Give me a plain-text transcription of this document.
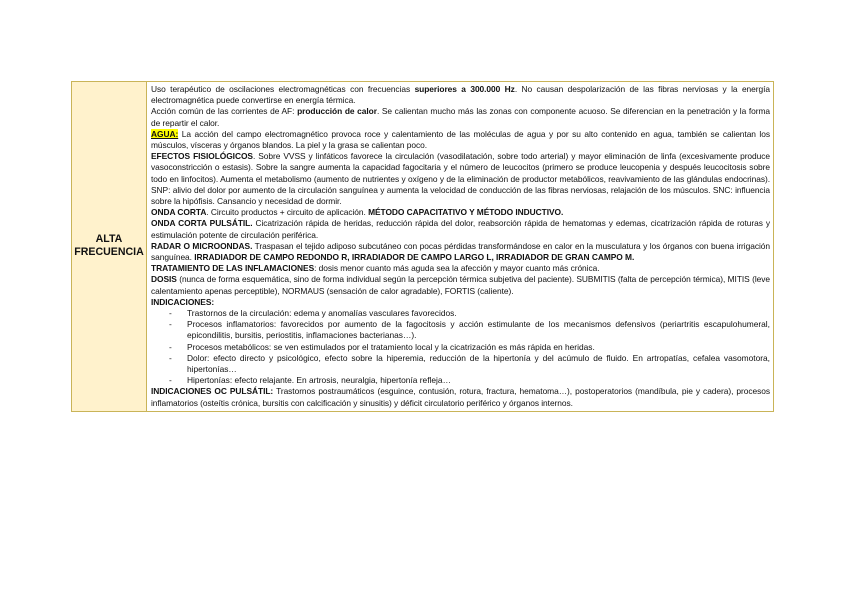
ALTA
FRECUENCIA

Uso terapéutico de oscilaciones electromagnéticas con frecuencias superiores a 300.000 Hz. No causan despolarización de las fibras nerviosas y la energía electromagnética puede convertirse en energía térmica.

Acción común de las corrientes de AF: producción de calor. Se calientan mucho más las zonas con componente acuoso. Se diferencian en la penetración y la forma de repartir el calor.

AGUA: La acción del campo electromagnético provoca roce y calentamiento de las moléculas de agua y por su alto contenido en agua, también se calientan los músculos, vísceras y órganos blandos. La piel y la grasa se calientan poco.

EFECTOS FISIOLÓGICOS. Sobre VVSS y linfáticos favorece la circulación (vasodilatación, sobre todo arterial) y mayor eliminación de linfa (excesivamente produce vasoconstricción o estasis). Sobre la sangre aumenta la capacidad fagocitaria y el número de leucocitos (primero se produce leucopenia y después leucocitosis sobre todo en linfocitos). Aumenta el metabolismo (aumento de nutrientes y oxígeno y de la eliminación de productor metabólicos, reavivamiento de las glándulas endocrinas). SNP: alivio del dolor por aumento de la circulación sanguínea y aumenta la velocidad de conducción de las fibras nerviosas, relajación de los músculos. SNC: influencia sobre la hipófisis. Cansancio y necesidad de dormir.

ONDA CORTA. Circuito productos + circuito de aplicación. MÉTODO CAPACITATIVO Y MÉTODO INDUCTIVO.

ONDA CORTA PULSÁTIL. Cicatrización rápida de heridas, reducción rápida del dolor, reabsorción rápida de hematomas y edemas, cicatrización rápida de roturas y estimulación potente de circulación periférica.

RADAR O MICROONDAS. Traspasan el tejido adiposo subcutáneo con pocas pérdidas transformándose en calor en la musculatura y los órganos con buena irrigación sanguínea. IRRADIADOR DE CAMPO REDONDO R, IRRADIADOR DE CAMPO LARGO L, IRRADIADOR DE GRAN CAMPO M.

TRATAMIENTO DE LAS INFLAMACIONES: dosis menor cuanto más aguda sea la afección y mayor cuanto más crónica.

DOSIS (nunca de forma esquemática, sino de forma individual según la percepción térmica subjetiva del paciente). SUBMITIS (falta de percepción térmica), MITIS (leve calentamiento apenas perceptible), NORMAUS (sensación de calor agradable), FORTIS (caliente).

INDICACIONES:

- Trastornos de la circulación: edema y anomalías vasculares favorecidos.
- Procesos inflamatorios: favorecidos por aumento de la fagocitosis y acción estimulante de los mecanismos defensivos (periartritis escapulohumeral, epicondilitis, bursitis, periostitis, inflamaciones bacterianas…).
- Procesos metabólicos: se ven estimulados por el tratamiento local y la cicatrización es más rápida en heridas.
- Dolor: efecto directo y psicológico, efecto sobre la hiperemia, reducción de la hipertonía y del acúmulo de fluido. En artropatías, cefalea vasomotora, hipertonías…
- Hipertonías: efecto relajante. En artrosis, neuralgia, hipertonía refleja…

INDICACIONES OC PULSÁTIL: Trastornos postraumáticos (esguince, contusión, rotura, fractura, hematoma…), postoperatorios (mandíbula, pie y cadera), procesos inflamatorios (osteítis crónica, bursitis con calcificación y sinusitis) y déficit circulatorio periférico y órganos internos.
